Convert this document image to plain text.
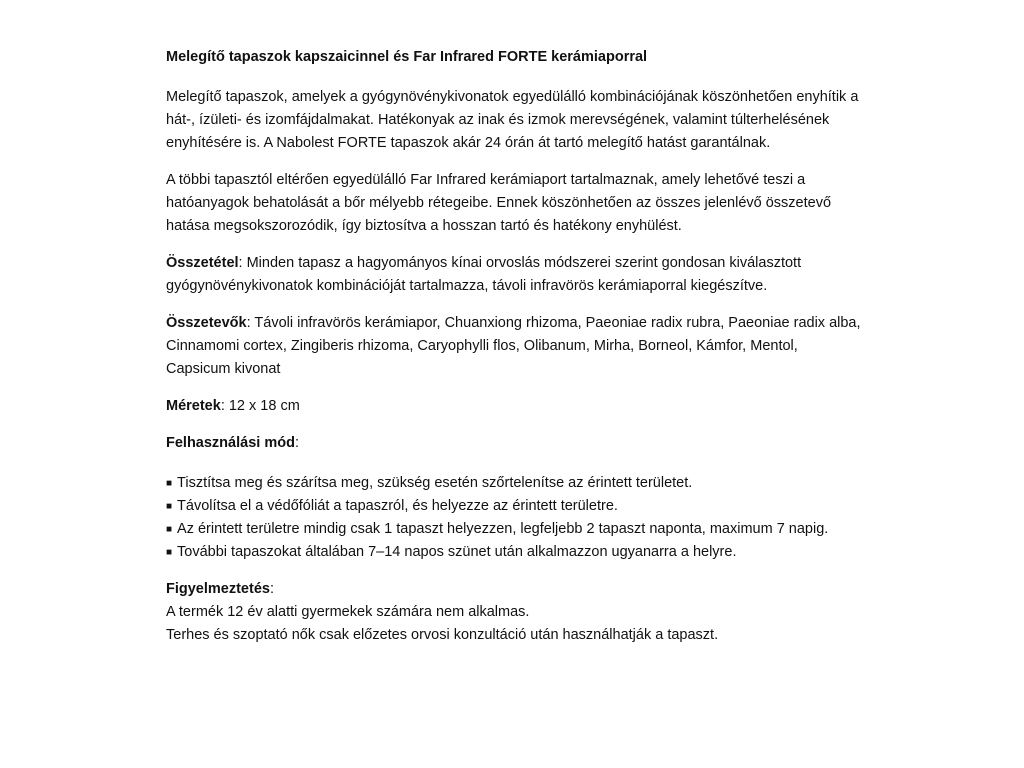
Melegítő tapaszok kapszaicinnel és Far Infrared FORTE kerámiaporral

Melegítő tapaszok, amelyek a gyógynövénykivonatok egyedülálló kombinációjának köszönhetően enyhítik a hát-, ízületi- és izomfájdalmakat. Hatékonyak az inak és izmok merevségének, valamint túlterhelésének enyhítésére is. A Nabolest FORTE tapaszok akár 24 órán át tartó melegítő hatást garantálnak.

A többi tapasztól eltérően egyedülálló Far Infrared kerámiaport tartalmaznak, amely lehetővé teszi a hatóanyagok behatolását a bőr mélyebb rétegeibe. Ennek köszönhetően az összes jelenlévő összetevő hatása megsokszorozódik, így biztosítva a hosszan tartó és hatékony enyhülést.

Összetétel: Minden tapasz a hagyományos kínai orvoslás módszerei szerint gondosan kiválasztott gyógynövénykivonatok kombinációját tartalmazza, távoli infravörös kerámiaporral kiegészítve.

Összetevők: Távoli infravörös kerámiapor, Chuanxiong rhizoma, Paeoniae radix rubra, Paeoniae radix alba, Cinnamomi cortex, Zingiberis rhizoma, Caryophylli flos, Olibanum, Mirha, Borneol, Kámfor, Mentol, Capsicum kivonat

Méretek: 12 x 18 cm

Felhasználási mód:

■ Tisztítsa meg és szárítsa meg, szükség esetén szőrtelenítse az érintett területet.
■ Távolítsa el a védőfóliát a tapaszról, és helyezze az érintett területre.
■ Az érintett területre mindig csak 1 tapaszt helyezzen, legfeljebb 2 tapaszt naponta, maximum 7 napig.
■ További tapaszokat általában 7–14 napos szünet után alkalmazzon ugyanarra a helyre.

Figyelmeztetés:

A termék 12 év alatti gyermekek számára nem alkalmas.

Terhes és szoptató nők csak előzetes orvosi konzultáció után használhatják a tapaszt.
